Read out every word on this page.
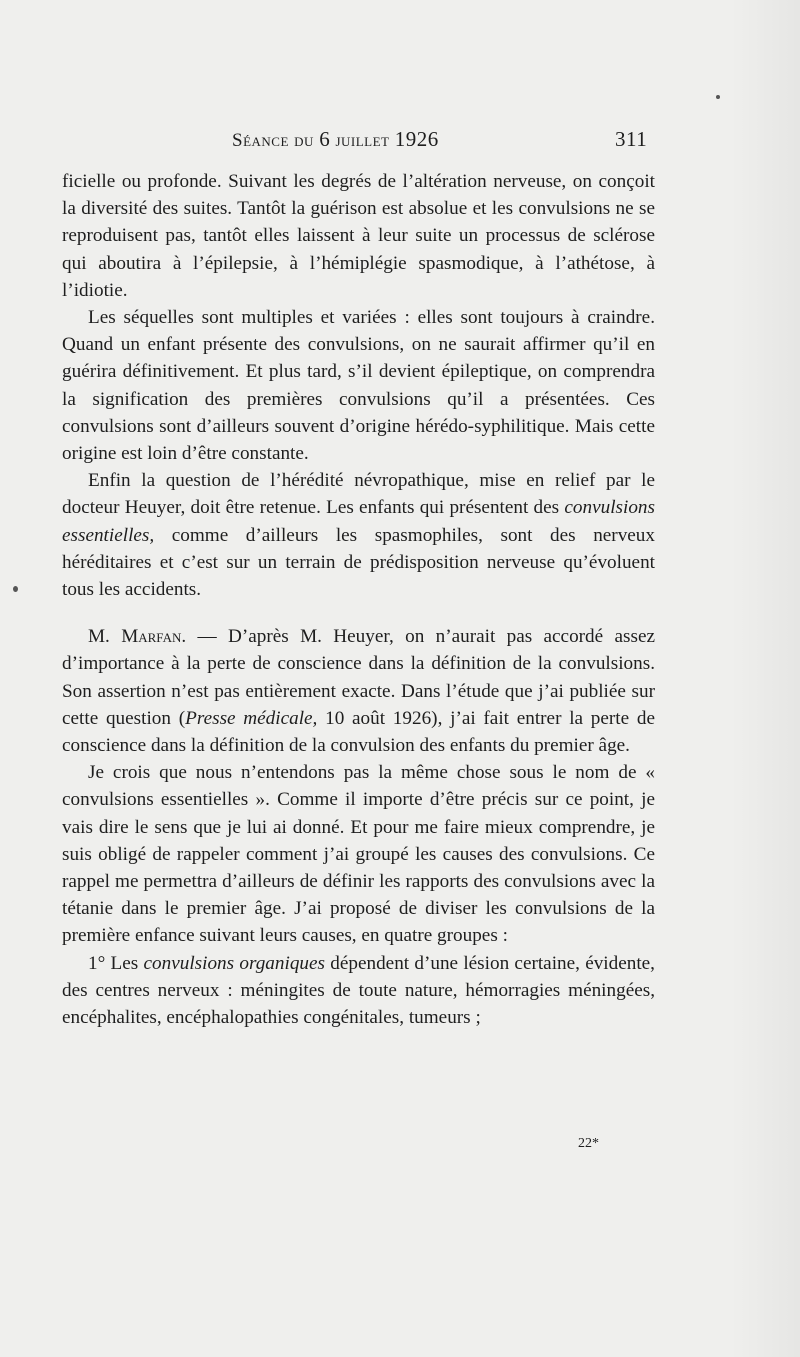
Séance du 6 juillet 1926	311

ficielle ou profonde. Suivant les degrés de l’altération nerveuse, on conçoit la diversité des suites. Tantôt la guérison est absolue et les convulsions ne se reproduisent pas, tantôt elles laissent à leur suite un processus de sclérose qui aboutira à l’épilepsie, à l’hémiplégie spasmodique, à l’athétose, à l’idiotie.

Les séquelles sont multiples et variées : elles sont toujours à craindre. Quand un enfant présente des convulsions, on ne saurait affirmer qu’il en guérira définitivement. Et plus tard, s’il devient épileptique, on comprendra la signification des premières convulsions qu’il a présentées. Ces convulsions sont d’ailleurs souvent d’origine hérédo-syphilitique. Mais cette origine est loin d’être constante.

Enfin la question de l’hérédité névropathique, mise en relief par le docteur Heuyer, doit être retenue. Les enfants qui présentent des convulsions essentielles, comme d’ailleurs les spasmophiles, sont des nerveux héréditaires et c’est sur un terrain de prédisposition nerveuse qu’évoluent tous les accidents.

M. Marfan. — D’après M. Heuyer, on n’aurait pas accordé assez d’importance à la perte de conscience dans la définition de la convulsions. Son assertion n’est pas entièrement exacte. Dans l’étude que j’ai publiée sur cette question (Presse médicale, 10 août 1926), j’ai fait entrer la perte de conscience dans la définition de la convulsion des enfants du premier âge.

Je crois que nous n’entendons pas la même chose sous le nom de « convulsions essentielles ». Comme il importe d’être précis sur ce point, je vais dire le sens que je lui ai donné. Et pour me faire mieux comprendre, je suis obligé de rappeler comment j’ai groupé les causes des convulsions. Ce rappel me permettra d’ailleurs de définir les rapports des convulsions avec la tétanie dans le premier âge. J’ai proposé de diviser les convulsions de la première enfance suivant leurs causes, en quatre groupes :

1° Les convulsions organiques dépendent d’une lésion certaine, évidente, des centres nerveux : méningites de toute nature, hémorragies méningées, encéphalites, encéphalopathies congénitales, tumeurs ;

22*
